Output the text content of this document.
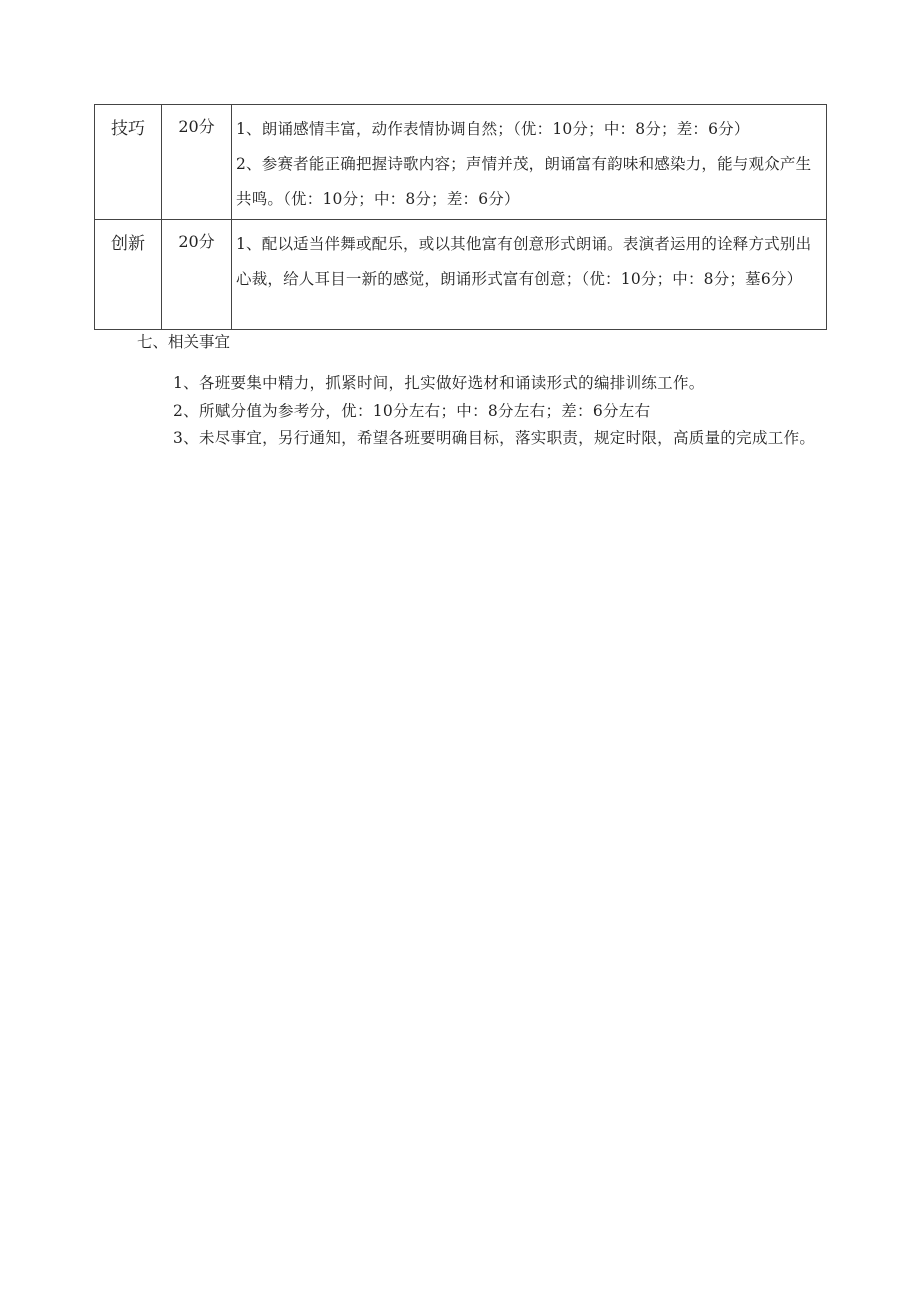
技巧	20分	1、朗诵感情丰富，动作表情协调自然；（优：10分；中：8分；差：6分）
2、参赛者能正确把握诗歌内容；声情并茂，朗诵富有韵味和感染力，能与观众产生共鸣。（优：10分；中：8分；差：6分）

创新	20分	1、配以适当伴舞或配乐，或以其他富有创意形式朗诵。表演者运用的诠释方式别出心裁，给人耳目一新的感觉，朗诵形式富有创意；（优：10分；中：8分；墓6分）
七、相关事宜
1、各班要集中精力，抓紧时间，扎实做好选材和诵读形式的编排训练工作。
2、所赋分值为参考分，优：10分左右；中：8分左右；差：6分左右
3、未尽事宜，另行通知，希望各班要明确目标，落实职责，规定时限，高质量的完成工作。
